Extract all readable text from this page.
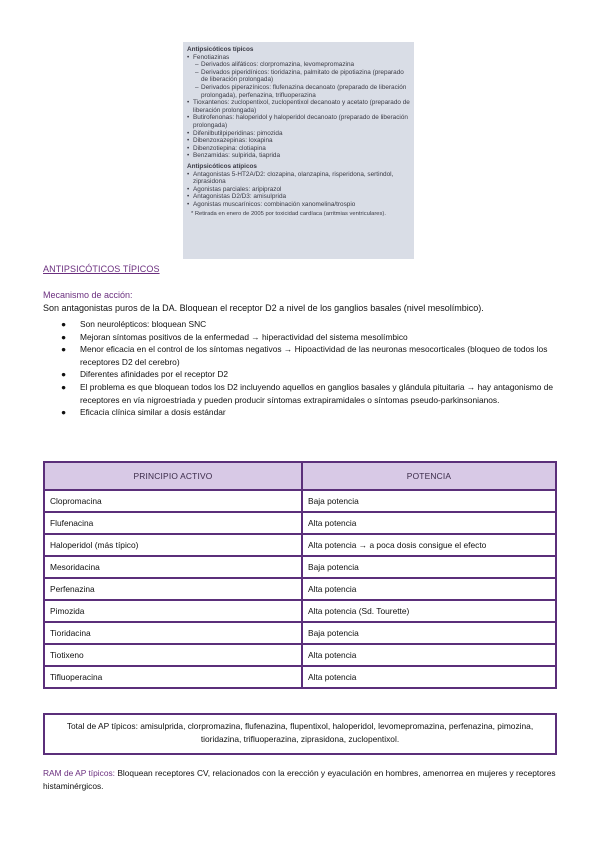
Antipsicóticos típicos
• Fenotiazinas
– Derivados alifáticos: clorpromazina, levomepromazina
– Derivados piperidínicos: tioridazina, palmitato de pipotiazina (preparado de liberación prolongada)
– Derivados piperazínicos: flufenazina decanoato (preparado de liberación prolongada), perfenazina, trifluoperazina
• Tioxantenos: zuclopentixol, zuclopentixol decanoato y acetato (preparado de liberación prolongada)
• Butirofenonas: haloperidol y haloperidol decanoato (preparado de liberación prolongada)
• Difenilbutilpiperidinas: pimozida
• Dibenzoxazepinas: loxapina
• Dibenzotiepina: clotiapina
• Benzamidas: sulpirida, tiaprida
Antipsicóticos atípicos
• Antagonistas 5-HT2A/D2: clozapina, olanzapina, risperidona, sertindol, ziprasidona
• Agonistas parciales: aripiprazol
• Antagonistas D2/D3: amisulprida
• Agonistas muscarínicos: combinación xanomelina/trospio
* Retirada en enero de 2005 por toxicidad cardíaca (arritmias ventriculares).
ANTIPSICÓTICOS TÍPICOS
Mecanismo de acción:
Son antagonistas puros de la DA. Bloquean el receptor D2 a nivel de los ganglios basales (nivel mesolímbico).
● Son neurolépticos: bloquean SNC
● Mejoran síntomas positivos de la enfermedad → hiperactividad del sistema mesolímbico
● Menor eficacia en el control de los síntomas negativos → Hipoactividad de las neuronas mesocorticales (bloqueo de todos los receptores D2 del cerebro)
● Diferentes afinidades por el receptor D2
● El problema es que bloquean todos los D2 incluyendo aquellos en ganglios basales y glándula pituitaria → hay antagonismo de receptores en vía nigroestriada y pueden producir síntomas extrapiramidales o síntomas pseudo-parkinsonianos.
● Eficacia clínica similar a dosis estándar
PRINCIPIO ACTIVO	POTENCIA
Clopromacina	Baja potencia
Flufenacina	Alta potencia
Haloperidol (más típico)	Alta potencia → a poca dosis consigue el efecto
Mesoridacina	Baja potencia
Perfenazina	Alta potencia
Pimozida	Alta potencia (Sd. Tourette)
Tioridacina	Baja potencia
Tiotixeno	Alta potencia
Tifluoperacina	Alta potencia
Total de AP típicos: amisulprida, clorpromazina, flufenazina, flupentixol, haloperidol, levomepromazina, perfenazina, pimozina, tioridazina, trifluoperazina, ziprasidona, zuclopentixol.
RAM de AP típicos: Bloquean receptores CV, relacionados con la erección y eyaculación en hombres, amenorrea en mujeres y receptores histaminérgicos.
